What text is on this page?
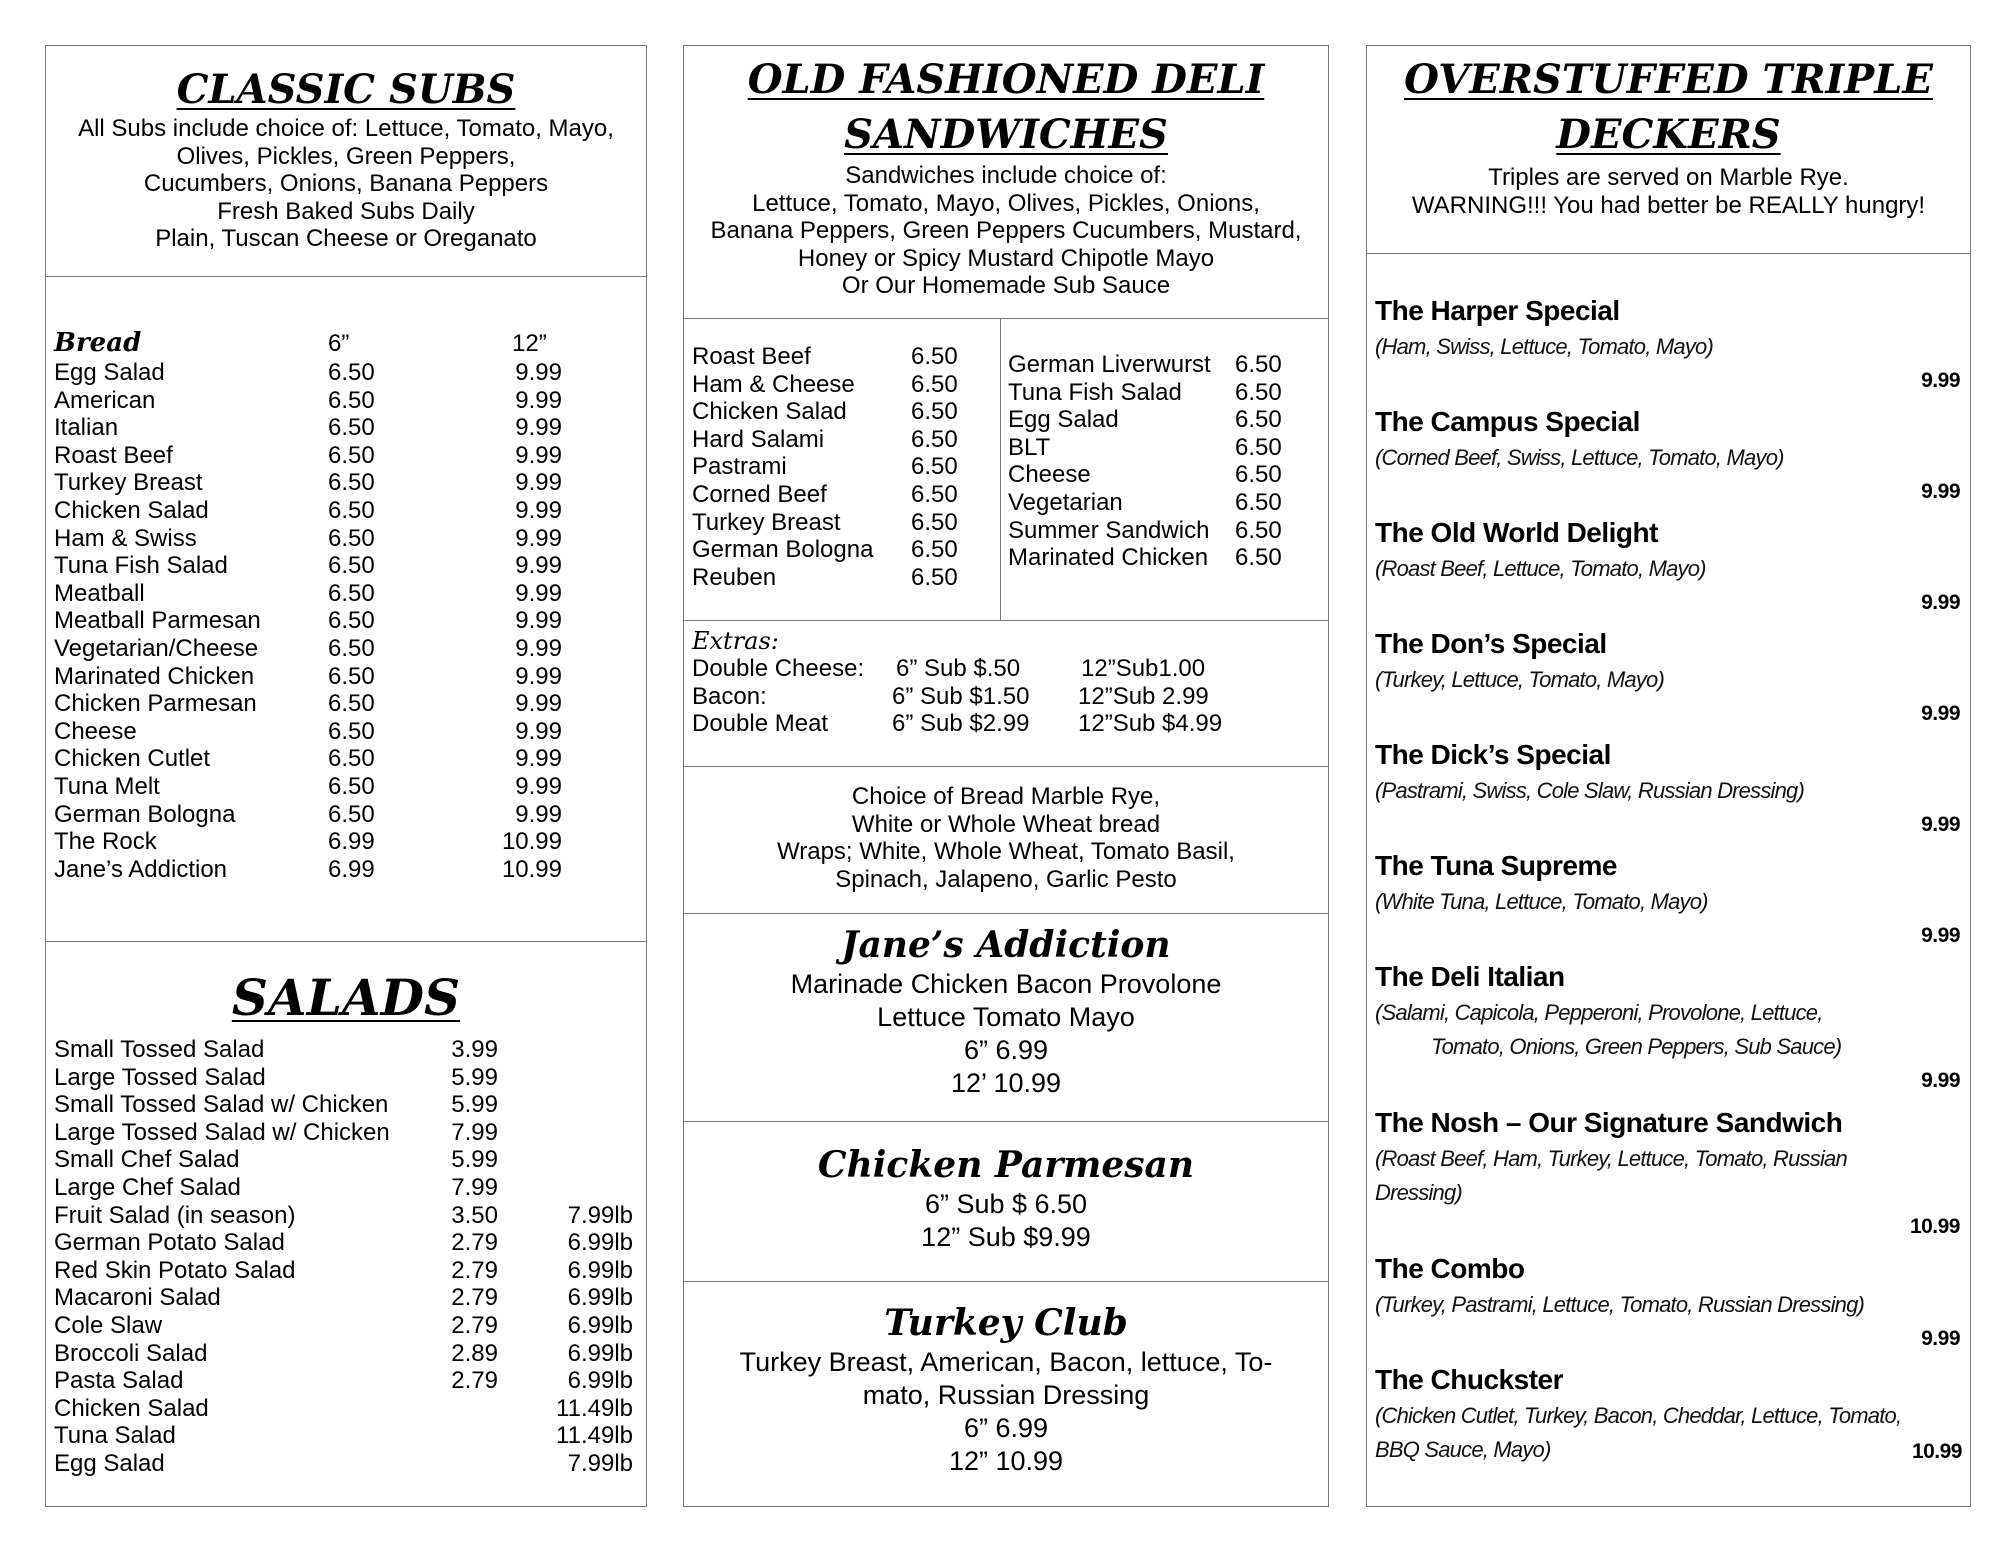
CLASSIC SUBS
All Subs include choice of: Lettuce, Tomato, Mayo,
Olives, Pickles, Green Peppers,
Cucumbers, Onions, Banana Peppers
Fresh Baked Subs Daily
Plain, Tuscan Cheese or Oreganato
Bread	6”	12”
Egg Salad	6.50	9.99
American	6.50	9.99
Italian	6.50	9.99
Roast Beef	6.50	9.99
Turkey Breast	6.50	9.99
Chicken Salad	6.50	9.99
Ham & Swiss	6.50	9.99
Tuna Fish Salad	6.50	9.99
Meatball	6.50	9.99
Meatball Parmesan	6.50	9.99
Vegetarian/Cheese	6.50	9.99
Marinated Chicken	6.50	9.99
Chicken Parmesan	6.50	9.99
Cheese	6.50	9.99
Chicken Cutlet	6.50	9.99
Tuna Melt	6.50	9.99
German Bologna	6.50	9.99
The Rock	6.99	10.99
Jane’s Addiction	6.99	10.99
SALADS
Small Tossed Salad	3.99
Large Tossed Salad	5.99
Small Tossed Salad w/ Chicken	5.99
Large Tossed Salad w/ Chicken	7.99
Small Chef Salad	5.99
Large Chef Salad	7.99
Fruit Salad (in season)	3.50	7.99lb
German Potato Salad	2.79	6.99lb
Red Skin Potato Salad	2.79	6.99lb
Macaroni Salad	2.79	6.99lb
Cole Slaw	2.79	6.99lb
Broccoli Salad	2.89	6.99lb
Pasta Salad	2.79	6.99lb
Chicken Salad	11.49lb
Tuna Salad	11.49lb
Egg Salad	7.99lb
OLD FASHIONED DELI
SANDWICHES
Sandwiches include choice of:
Lettuce, Tomato, Mayo, Olives, Pickles, Onions,
Banana Peppers, Green Peppers Cucumbers, Mustard,
Honey or Spicy Mustard Chipotle Mayo
Or Our Homemade Sub Sauce
Roast Beef	6.50
Ham & Cheese 6.50
Chicken Salad	6.50
Hard Salami	6.50
Pastrami	6.50
Corned Beef	6.50
Turkey Breast	6.50
German Bologna 6.50
Reuben	6.50
German Liverwurst 6.50
Tuna Fish Salad 6.50
Egg Salad	6.50
BLT	6.50
Cheese	6.50
Vegetarian	6.50
Summer Sandwich 6.50
Marinated Chicken 6.50
Extras:
Double Cheese: 6” Sub $.50	12”Sub1.00
Bacon:	6” Sub $1.50 12”Sub 2.99
Double Meat	6” Sub $2.99 12”Sub $4.99
Choice of Bread Marble Rye,
White or Whole Wheat bread
Wraps; White, Whole Wheat, Tomato Basil,
Spinach, Jalapeno, Garlic Pesto
Jane’s Addiction
Marinade Chicken Bacon Provolone
Lettuce Tomato Mayo
6” 6.99
12’ 10.99
Chicken Parmesan
6” Sub $ 6.50
12” Sub $9.99
Turkey Club
Turkey Breast, American, Bacon, lettuce, To-
mato, Russian Dressing
6” 6.99
12” 10.99
OVERSTUFFED TRIPLE
DECKERS
Triples are served on Marble Rye.
WARNING!!! You had better be REALLY hungry!
The Harper Special
(Ham, Swiss, Lettuce, Tomato, Mayo)
9.99
The Campus Special
(Corned Beef, Swiss, Lettuce, Tomato, Mayo)
9.99
The Old World Delight
(Roast Beef, Lettuce, Tomato, Mayo)
9.99
The Don’s Special
(Turkey, Lettuce, Tomato, Mayo)
9.99
The Dick’s Special
(Pastrami, Swiss, Cole Slaw, Russian Dressing)
9.99
The Tuna Supreme
(White Tuna, Lettuce, Tomato, Mayo)
9.99
The Deli Italian
(Salami, Capicola, Pepperoni, Provolone, Lettuce,
Tomato, Onions, Green Peppers, Sub Sauce)
9.99
The Nosh – Our Signature Sandwich
(Roast Beef, Ham, Turkey, Lettuce, Tomato, Russian
Dressing)
10.99
The Combo
(Turkey, Pastrami, Lettuce, Tomato, Russian Dressing)
9.99
The Chuckster
(Chicken Cutlet, Turkey, Bacon, Cheddar, Lettuce, Tomato,
BBQ Sauce, Mayo)	10.99
